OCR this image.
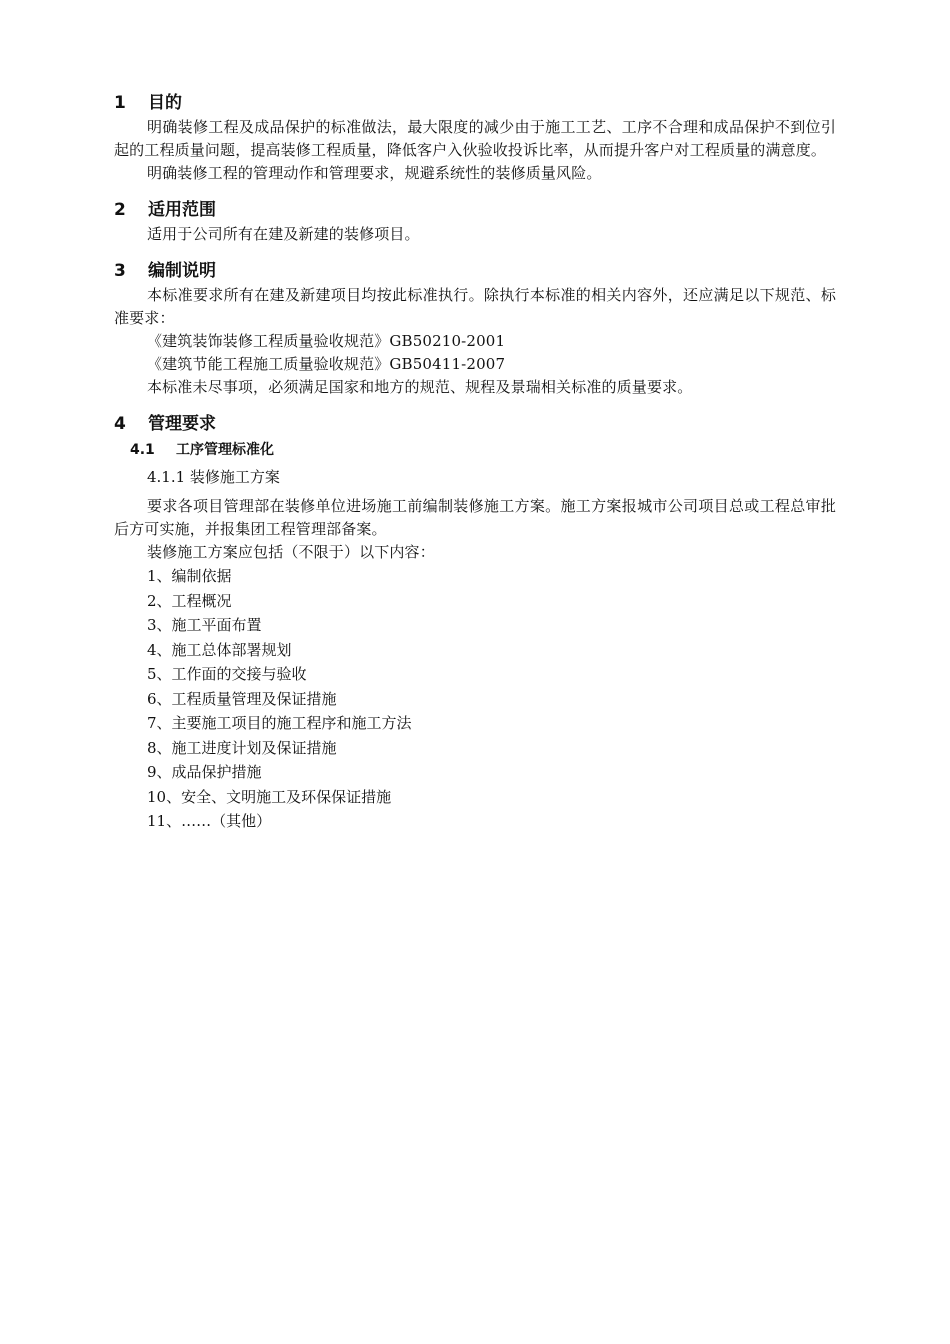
1	目的
明确装修工程及成品保护的标准做法，最大限度的减少由于施工工艺、工序不合理和成品保护不到位引起的工程质量问题，提高装修工程质量，降低客户入伙验收投诉比率，从而提升客户对工程质量的满意度。
明确装修工程的管理动作和管理要求，规避系统性的装修质量风险。
2	适用范围
适用于公司所有在建及新建的装修项目。
3	编制说明
本标准要求所有在建及新建项目均按此标准执行。除执行本标准的相关内容外，还应满足以下规范、标准要求：
《建筑装饰装修工程质量验收规范》GB50210-2001
《建筑节能工程施工质量验收规范》GB50411-2007
本标准未尽事项，必须满足国家和地方的规范、规程及景瑞相关标准的质量要求。
4	管理要求
4.1	工序管理标准化
4.1.1 装修施工方案
要求各项目管理部在装修单位进场施工前编制装修施工方案。施工方案报城市公司项目总或工程总审批后方可实施，并报集团工程管理部备案。
装修施工方案应包括（不限于）以下内容：
1、编制依据
2、工程概况
3、施工平面布置
4、施工总体部署规划
5、工作面的交接与验收
6、工程质量管理及保证措施
7、主要施工项目的施工程序和施工方法
8、施工进度计划及保证措施
9、成品保护措施
10、安全、文明施工及环保保证措施
11、……（其他）
